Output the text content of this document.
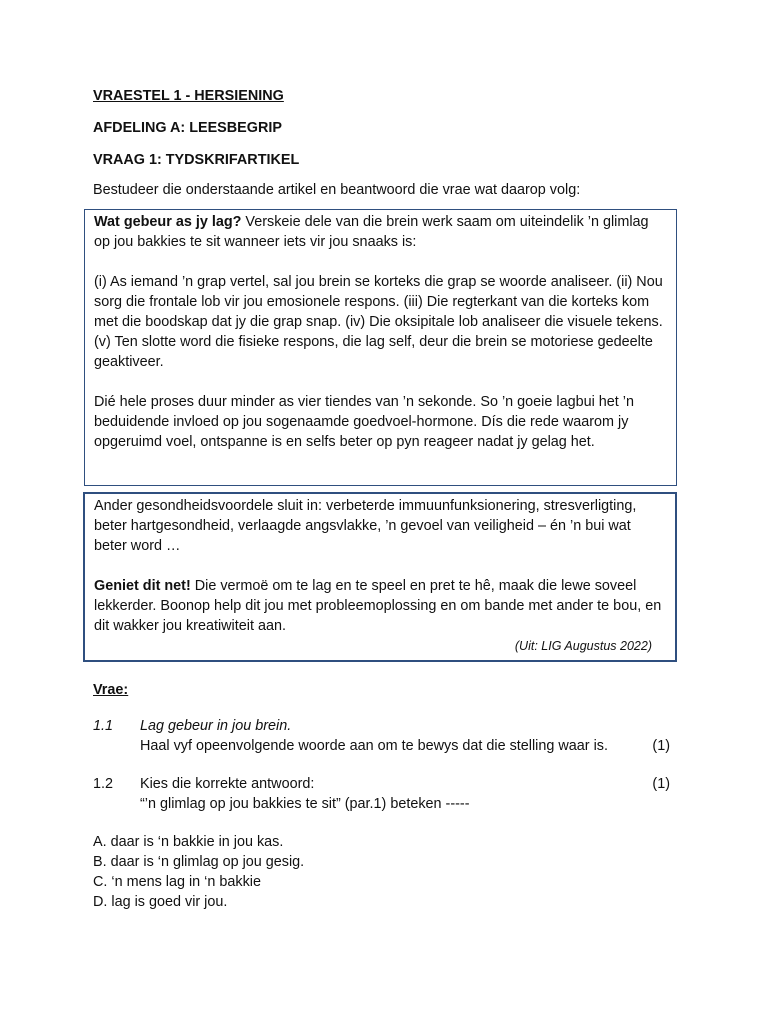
VRAESTEL 1 - HERSIENING

AFDELING A: LEESBEGRIP

VRAAG 1: TYDSKRIFARTIKEL

Bestudeer die onderstaande artikel en beantwoord die vrae wat daarop volg:

Wat gebeur as jy lag? Verskeie dele van die brein werk saam om uiteindelik ’n glimlag op jou bakkies te sit wanneer iets vir jou snaaks is:

(i) As iemand ’n grap vertel, sal jou brein se korteks die grap se woorde analiseer. (ii) Nou sorg die frontale lob vir jou emosionele respons. (iii) Die regterkant van die korteks kom met die boodskap dat jy die grap snap. (iv) Die oksipitale lob analiseer die visuele tekens. (v) Ten slotte word die fisieke respons, die lag self, deur die brein se motoriese gedeelte geaktiveer.

Dié hele proses duur minder as vier tiendes van ’n sekonde. So ’n goeie lagbui het ’n beduidende invloed op jou sogenaamde goedvoel-hormone. Dís die rede waarom jy opgeruimd voel, ontspanne is en selfs beter op pyn reageer nadat jy gelag het.

Ander gesondheidsvoordele sluit in: verbeterde immuunfunksionering, stresverligting, beter hartgesondheid, verlaagde angsvlakke, ’n gevoel van veiligheid – én ’n bui wat beter word …

Geniet dit net! Die vermoë om te lag en te speel en pret te hê, maak die lewe soveel lekkerder. Boonop help dit jou met probleemoplossing en om bande met ander te bou, en dit wakker jou kreatiwiteit aan.

(Uit: LIG Augustus 2022)

Vrae:

1.1 Lag gebeur in jou brein.
Haal vyf opeenvolgende woorde aan om te bewys dat die stelling waar is.	(1)
1.2 Kies die korrekte antwoord:	(1)
“’n glimlag op jou bakkies te sit” (par.1) beteken -----
A. daar is ‘n bakkie in jou kas.
B. daar is ‘n glimlag op jou gesig.
C. ‘n mens lag in ‘n bakkie
D. lag is goed vir jou.
